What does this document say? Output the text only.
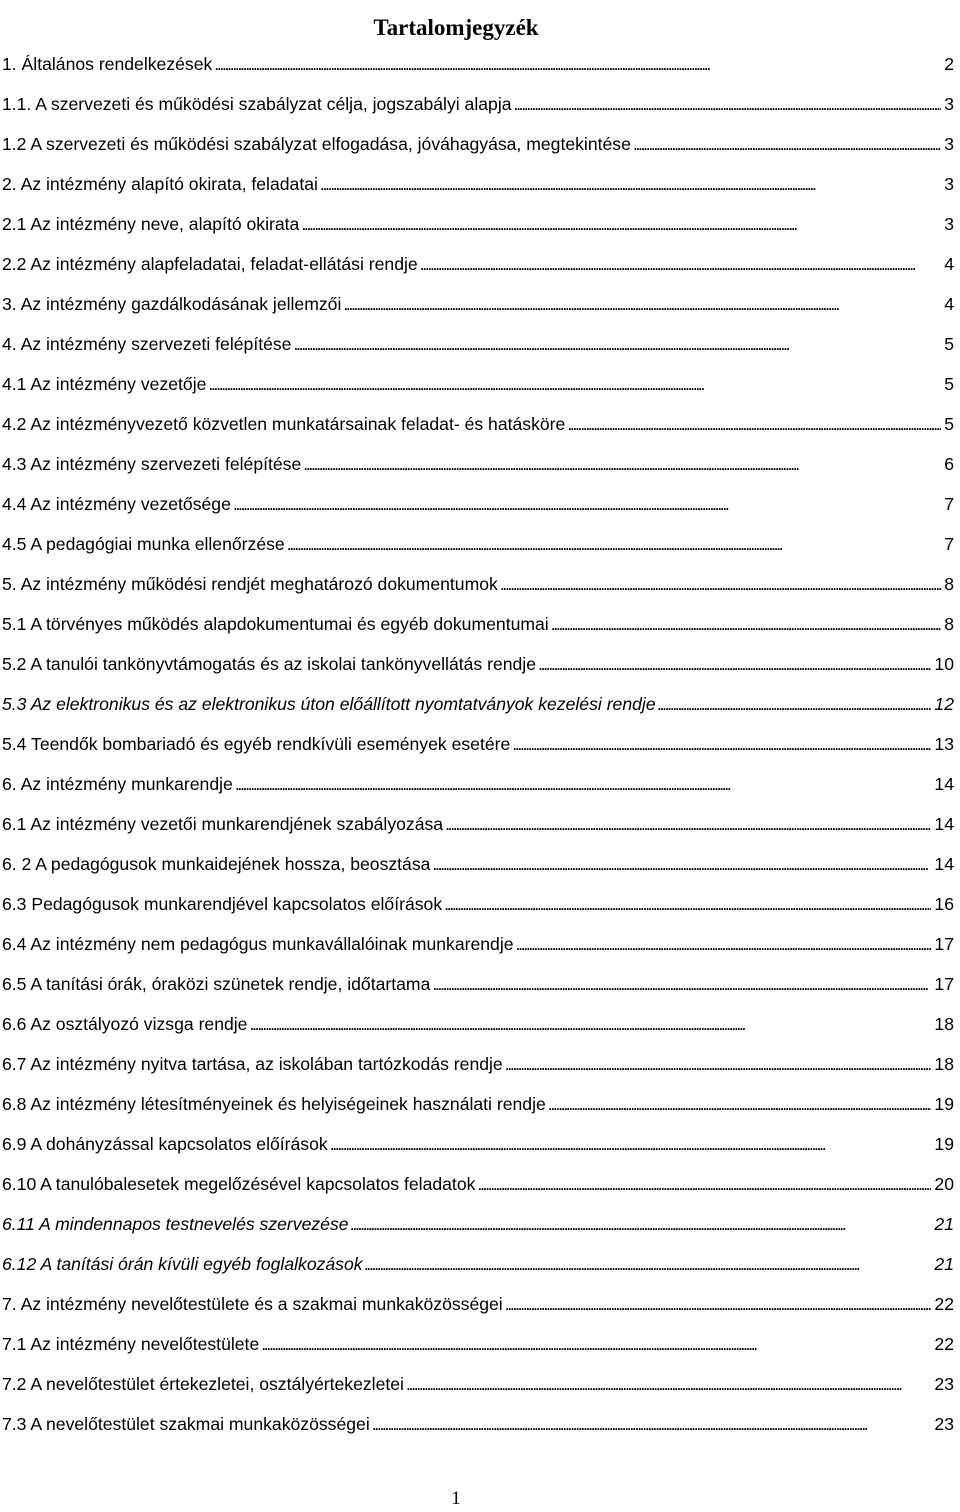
Tartalomjegyzék
1. Általános rendelkezések . . .	2
1.1. A szervezeti és működési szabályzat célja, jogszabályi alapja . . .	3
1.2 A szervezeti és működési szabályzat elfogadása, jóváhagyása, megtekintése . . .	3
2. Az intézmény alapító okirata, feladatai . . .	3
2.1 Az intézmény neve, alapító okirata . . .	3
2.2 Az intézmény alapfeladatai, feladat-ellátási rendje . . .	4
3. Az intézmény gazdálkodásának jellemzői . . .	4
4. Az intézmény szervezeti felépítése . . .	5
4.1 Az intézmény vezetője . . .	5
4.2 Az intézményvezető közvetlen munkatársainak feladat- és hatásköre . . .	5
4.3 Az intézmény szervezeti felépítése . . .	6
4.4 Az intézmény vezetősége . . .	7
4.5 A pedagógiai munka ellenőrzése . . .	7
5. Az intézmény működési rendjét meghatározó dokumentumok . . .	8
5.1 A törvényes működés alapdokumentumai és egyéb dokumentumai . . .	8
5.2 A tanulói tankönyvtámogatás és az iskolai tankönyvellátás rendje . . .	10
5.3 Az elektronikus és az elektronikus úton előállított nyomtatványok kezelési rendje . . .	12
5.4 Teendők bombariadó és egyéb rendkívüli események esetére . . .	13
6. Az intézmény munkarendje . . .	14
6.1 Az intézmény vezetői munkarendjének szabályozása . . .	14
6. 2 A pedagógusok munkaidejének hossza, beosztása . . .	14
6.3 Pedagógusok munkarendjével kapcsolatos előírások . . .	16
6.4 Az intézmény nem pedagógus munkavállalóinak munkarendje . . .	17
6.5 A tanítási órák, óraközi szünetek rendje, időtartama . . .	17
6.6 Az osztályozó vizsga rendje . . .	18
6.7 Az intézmény nyitva tartása, az iskolában tartózkodás rendje . . .	18
6.8 Az intézmény létesítményeinek és helyiségeinek használati rendje . . .	19
6.9 A dohányzással kapcsolatos előírások . . .	19
6.10 A tanulóbalesetek megelőzésével kapcsolatos feladatok . . .	20
6.11 A mindennapos testnevelés szervezése . . .	21
6.12 A tanítási órán kívüli egyéb foglalkozások . . .	21
7. Az intézmény nevelőtestülete és a szakmai munkaközösségei . . .	22
7.1 Az intézmény nevelőtestülete . . .	22
7.2 A nevelőtestület értekezletei, osztályértekezletei . . .	23
7.3 A nevelőtestület szakmai munkaközösségei . . .	23
1
